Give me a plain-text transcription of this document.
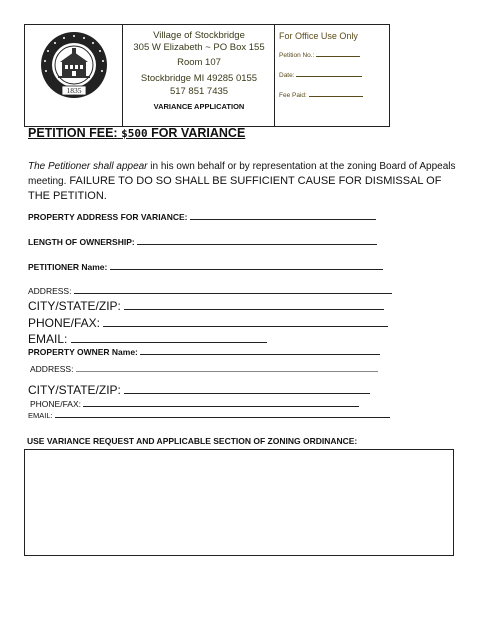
1835
Village of Stockbridge
305 W Elizabeth ~ PO Box 155
Room 107
Stockbridge MI 49285 0155
517 851 7435
VARIANCE APPLICATION
For Office Use Only
Petition No.:
Date:
Fee Paid:
PETITION FEE: $500 FOR VARIANCE
The Petitioner shall appear in his own behalf or by representation at the zoning Board of Appeals meeting. FAILURE TO DO SO SHALL BE SUFFICIENT CAUSE FOR DISMISSAL OF THE PETITION.
PROPERTY ADDRESS FOR VARIANCE:
LENGTH OF OWNERSHIP:
PETITIONER Name:
ADDRESS:
CITY/STATE/ZIP:
PHONE/FAX:
EMAIL:
PROPERTY OWNER Name:
ADDRESS:
CITY/STATE/ZIP:
PHONE/FAX:
EMAIL:
USE VARIANCE REQUEST AND APPLICABLE SECTION OF ZONING ORDINANCE:
